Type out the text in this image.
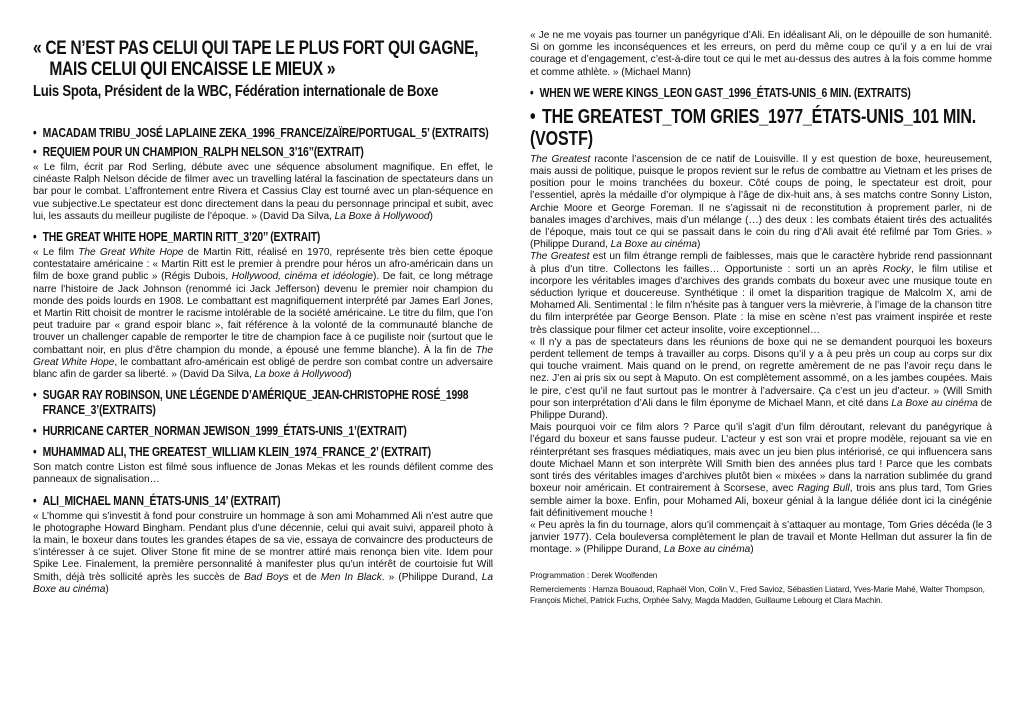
« CE N’EST PAS CELUI QUI TAPE LE PLUS FORT QUI GAGNE,
MAIS CELUI QUI ENCAISSE LE MIEUX »
Luis Spota, Président de la WBC, Fédération internationale de Boxe
• MACADAM TRIBU_JOSÉ LAPLAINE ZEKA_1996_FRANCE/ZAÏRE/PORTUGAL_5’ (EXTRAITS)
• REQUIEM POUR UN CHAMPION_RALPH NELSON_3’16’’(EXTRAIT)

« Le film, écrit par Rod Serling, débute avec une séquence absolument magnifique. En effet, le cinéaste Ralph Nelson décide de filmer avec un travelling latéral la fascination de spectateurs dans un bar pour le combat. L’affrontement entre Rivera et Cassius Clay est tourné avec un plan-séquence en vue subjective.Le spectateur est donc directement dans la peau du personnage principal et subit, avec lui, les assauts du meilleur pugiliste de l’époque. » (David Da Silva, La Boxe à Hollywood)

• THE GREAT WHITE HOPE_MARTIN RITT_3’20’’ (EXTRAIT)

« Le film The Great White Hope de Martin Ritt, réalisé en 1970, représente très bien cette époque contestataire américaine : « Martin Ritt est le premier à prendre pour héros un afro-américain dans un film de boxe grand public » (Régis Dubois, Hollywood, cinéma et idéologie). De fait, ce long métrage narre l’histoire de Jack Johnson (renommé ici Jack Jefferson) devenu le premier noir champion du monde des poids lourds en 1908. Le combattant est magnifiquement interprété par James Earl Jones, et Martin Ritt choisit de montrer le racisme intolérable de la société américaine. Le titre du film, que l’on peut traduire par « grand espoir blanc », fait référence à la volonté de la communauté blanche de trouver un challenger capable de remporter le titre de champion face à ce pugiliste noir (surtout que le combattant noir, en plus d’être champion du monde, a épousé une femme blanche). À la fin de The Great White Hope, le combattant afro-américain est obligé de perdre son combat contre un adversaire blanc afin de garder sa liberté. » (David Da Silva, La boxe à Hollywood)

• SUGAR RAY ROBINSON, UNE LÉGENDE D’AMÉRIQUE_JEAN-CHRISTOPHE ROSÉ_1998
FRANCE_3’(EXTRAITS)
• HURRICANE CARTER_NORMAN JEWISON_1999_ÉTATS-UNIS_1’(EXTRAIT)
• MUHAMMAD ALI, THE GREATEST_WILLIAM KLEIN_1974_FRANCE_2’ (EXTRAIT)

Son match contre Liston est filmé sous influence de Jonas Mekas et les rounds défilent comme des panneaux de signalisation…

• ALI_MICHAEL MANN_ÉTATS-UNIS_14’ (EXTRAIT)

« L’homme qui s’investit à fond pour construire un hommage à son ami Mohammed Ali n’est autre que le photographe Howard Bingham. Pendant plus d’une décennie, celui qui avait suivi, appareil photo à la main, le boxeur dans toutes les grandes étapes de sa vie, essaya de convaincre des producteurs de s’intéresser à ce sujet. Oliver Stone fit mine de se montrer attiré mais renonça bien vite. Idem pour Spike Lee. Finalement, la première personnalité à manifester plus qu’un intérêt de courtoisie fut Will Smith, déjà très sollicité après les succès de Bad Boys et de Men In Black. » (Philippe Durand, La Boxe au cinéma)

« Je ne me voyais pas tourner un panégyrique d’Ali. En idéalisant Ali, on le dépouille de son humanité. Si on gomme les inconséquences et les erreurs, on perd du même coup ce qu’il y a en lui de vrai courage et d’engagement, c’est-à-dire tout ce qui le met au-dessus des autres à la fois comme homme et comme athlète. » (Michael Mann)

• WHEN WE WERE KINGS_LEON GAST_1996_ÉTATS-UNIS_6 MIN. (EXTRAITS)
• THE GREATEST_TOM GRIES_1977_ÉTATS-UNIS_101 MIN. (VOSTF)

The Greatest raconte l’ascension de ce natif de Louisville. Il y est question de boxe, heureusement, mais aussi de politique, puisque le propos revient sur le refus de combattre au Vietnam et les prises de position pour le moins tranchées du boxeur. Côté coups de poing, le spectateur est droit, pour l’essentiel, après la médaille d’or olympique à l’âge de dix-huit ans, à ses matchs contre Sonny Liston, Archie Moore et George Foreman. Il ne s’agissait ni de reconstitution à proprement parler, ni de banales images d’archives, mais d’un mélange (…) des deux : les combats étaient tirés des actualités de l’époque, mais tout ce qui se passait dans le coin du ring d’Ali avait été refilmé par Tom Gries. » (Philippe Durand, La Boxe au cinéma)

The Greatest est un film étrange rempli de faiblesses, mais que le caractère hybride rend passionnant à plus d’un titre. Collectons les failles… Opportuniste : sorti un an après Rocky, le film utilise et incorpore les véritables images d’archives des grands combats du boxeur avec une musique toute en séduction lyrique et doucereuse. Synthétique : il omet la disparition tragique de Malcolm X, ami de Mohamed Ali. Sentimental : le film n’hésite pas à tanguer vers la mièvrerie, à l’image de la chanson titre du film interprétée par George Benson. Plate : la mise en scène n’est pas vraiment inspirée et reste très classique pour filmer cet acteur insolite, voire exceptionnel…

« Il n’y a pas de spectateurs dans les réunions de boxe qui ne se demandent pourquoi les boxeurs perdent tellement de temps à travailler au corps. Disons qu’il y a à peu près un coup au corps sur dix qui touche vraiment. Mais quand on le prend, on regrette amèrement de ne pas l’avoir reçu dans le nez. J’en ai pris six ou sept à Maputo. On est complètement assommé, on a les jambes coupées. Mais le pire, c’est qu’il ne faut surtout pas le montrer à l’adversaire. Ça c’est un jeu d’acteur. » (Will Smith pour son interprétation d’Ali dans le film éponyme de Michael Mann, et cité dans La Boxe au cinéma de Philippe Durand).

Mais pourquoi voir ce film alors ? Parce qu’il s’agit d’un film déroutant, relevant du panégyrique à l’égard du boxeur et sans fausse pudeur. L’acteur y est son vrai et propre modèle, rejouant sa vie en réinterprétant ses frasques médiatiques, mais avec un jeu bien plus intériorisé, ce qui influencera sans doute Michael Mann et son interprète Will Smith bien des années plus tard ! Parce que les combats sont tirés des véritables images d’archives plutôt bien « mixées » dans la narration sublimée du grand boxeur noir américain. Et contrairement à Scorsese, avec Raging Bull, trois ans plus tard, Tom Gries semble aimer la boxe. Enfin, pour Mohamed Ali, boxeur génial à la langue déliée dont ici la cinégénie fait définitivement mouche !

« Peu après la fin du tournage, alors qu’il commençait à s’attaquer au montage, Tom Gries décéda (le 3 janvier 1977). Cela bouleversa complètement le plan de travail et Monte Hellman dut assurer la fin de montage. » (Philippe Durand, La Boxe au cinéma)

Programmation : Derek Woolfenden

Remerciements : Hamza Bouaoud, Raphaël Vion, Colin V., Fred Savioz, Sébastien Liatard, Yves-Marie Mahé, Walter Thompson, François Michel, Patrick Fuchs, Orphée Salvy, Magda Madden, Guillaume Lebourg et Clara Machin.
